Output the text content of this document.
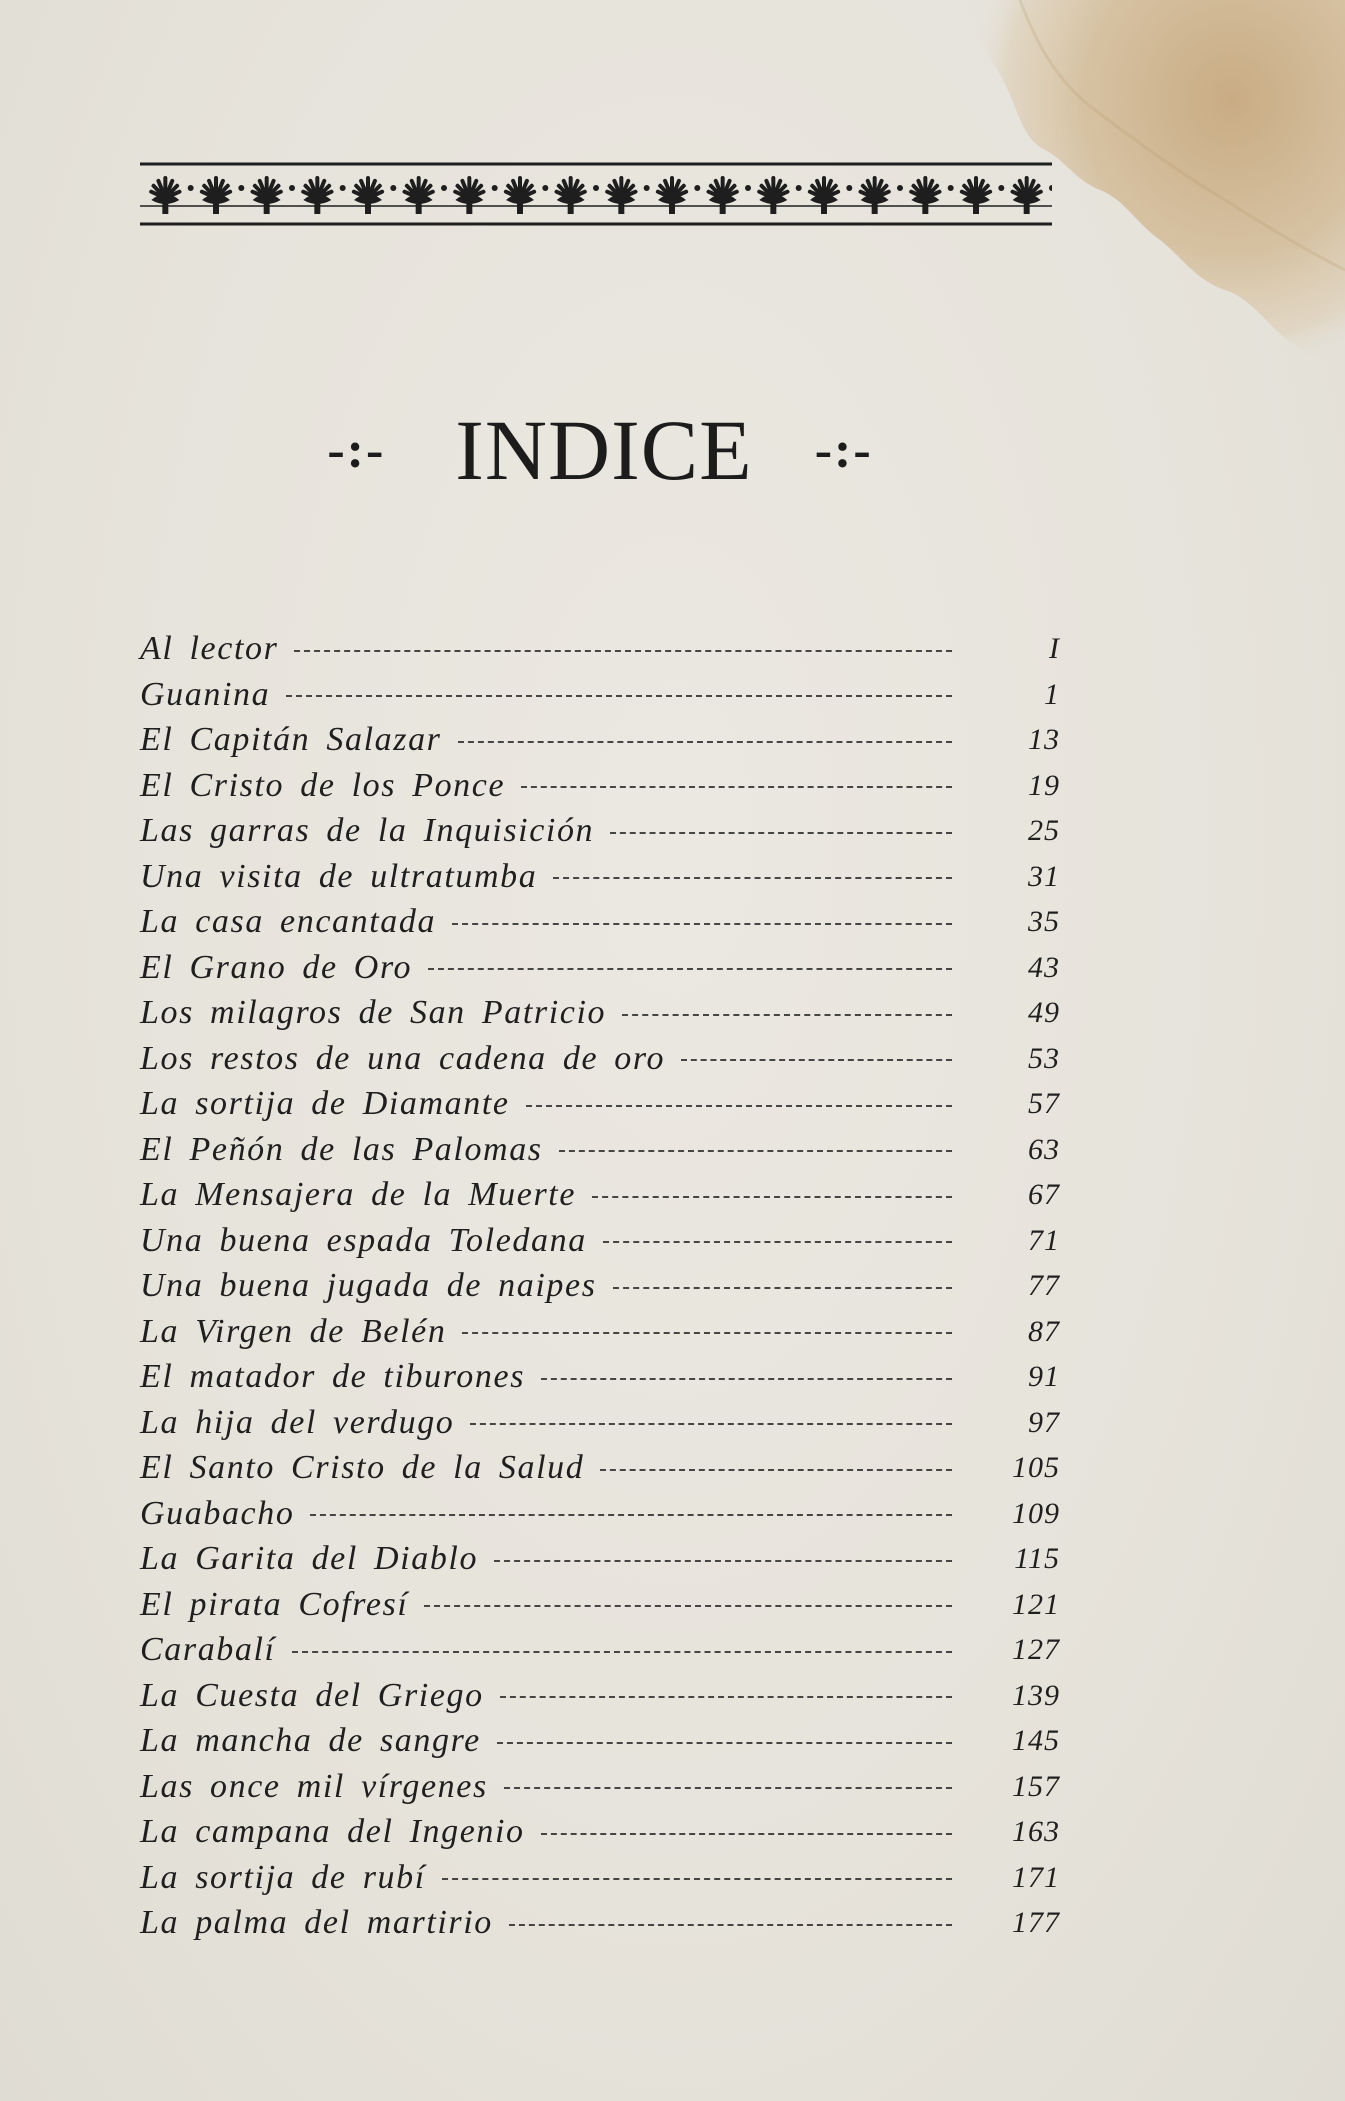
-:- INDICE -:-
Al lector	I
Guanina	1
El Capitán Salazar	13
El Cristo de los Ponce	19
Las garras de la Inquisición	25
Una visita de ultratumba	31
La casa encantada	35
El Grano de Oro	43
Los milagros de San Patricio	49
Los restos de una cadena de oro	53
La sortija de Diamante	57
El Peñón de las Palomas	63
La Mensajera de la Muerte	67
Una buena espada Toledana	71
Una buena jugada de naipes	77
La Virgen de Belén	87
El matador de tiburones	91
La hija del verdugo	97
El Santo Cristo de la Salud	105
Guabacho	109
La Garita del Diablo	115
El pirata Cofresí	121
Carabalí	127
La Cuesta del Griego	139
La mancha de sangre	145
Las once mil vírgenes	157
La campana del Ingenio	163
La sortija de rubí	171
La palma del martirio	177
